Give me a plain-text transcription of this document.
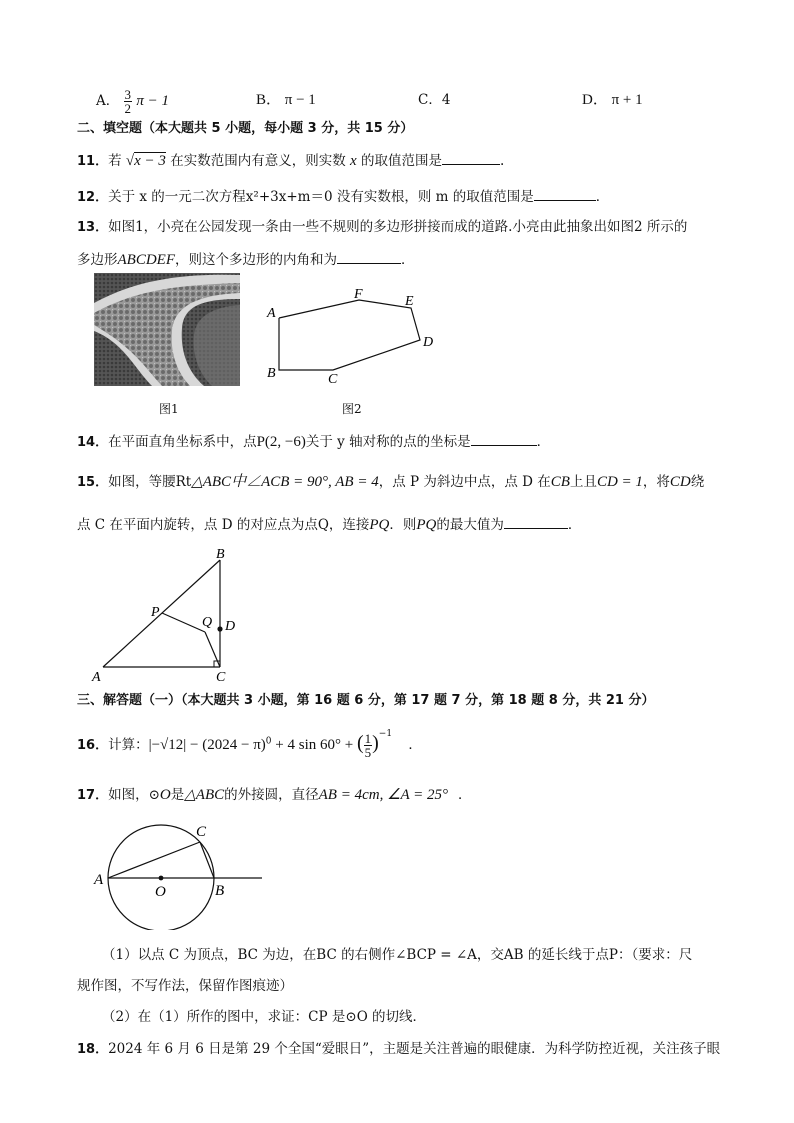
A． $\frac{3}{2}$ π − 1	B． π − 1	C．4	D． π + 1
二、填空题（本大题共 5 小题，每小题 3 分，共 15 分）
11．若 √x − 3 在实数范围内有意义，则实数 x 的取值范围是	.
12．关于 x 的一元二次方程x²+3x+m＝0 没有实数根，则 m 的取值范围是	．
13．如图1，小亮在公园发现一条由一些不规则的多边形拼接而成的道路.小亮由此抽象出如图2 所示的
多边形ABCDEF，则这个多边形的内角和为	．
图1
A
B	C
D
E
F
图2
14．在平面直角坐标系中，点P(2, −6)关于 y 轴对称的点的坐标是	．
15．如图，等腰Rt△ABC中∠ACB = 90°, AB = 4，点 P 为斜边中点，点 D 在CB上且CD = 1，将CD绕
点 C 在平面内旋转，点 D 的对应点为点Q，连接PQ．则PQ的最大值为	．
B
A	C
D
P
Q
三、解答题（一）（本大题共 3 小题，第 16 题 6 分，第 17 题 7 分，第 18 题 8 分，共 21 分）
16．计算：$|-√12| - (2024 - \pi)^0 + 4$ sin 60° + ( $\frac{1}{5} )^{-1}$ ．
17．如图，⊙O是△ABC的外接圆，直径AB = 4cm, ∠A = 25° ．
A
B
C
O
（1）以点 C 为顶点，BC 为边，在BC 的右侧作∠BCP = ∠A，交AB 的延长线于点P：（要求：尺
规作图，不写作法，保留作图痕迹）
（2）在（1）所作的图中，求证：CP 是⊙O 的切线．
18．2024 年 6 月 6 日是第 29 个全国“爱眼日”，主题是关注普遍的眼健康．为科学防控近视，关注孩子眼
